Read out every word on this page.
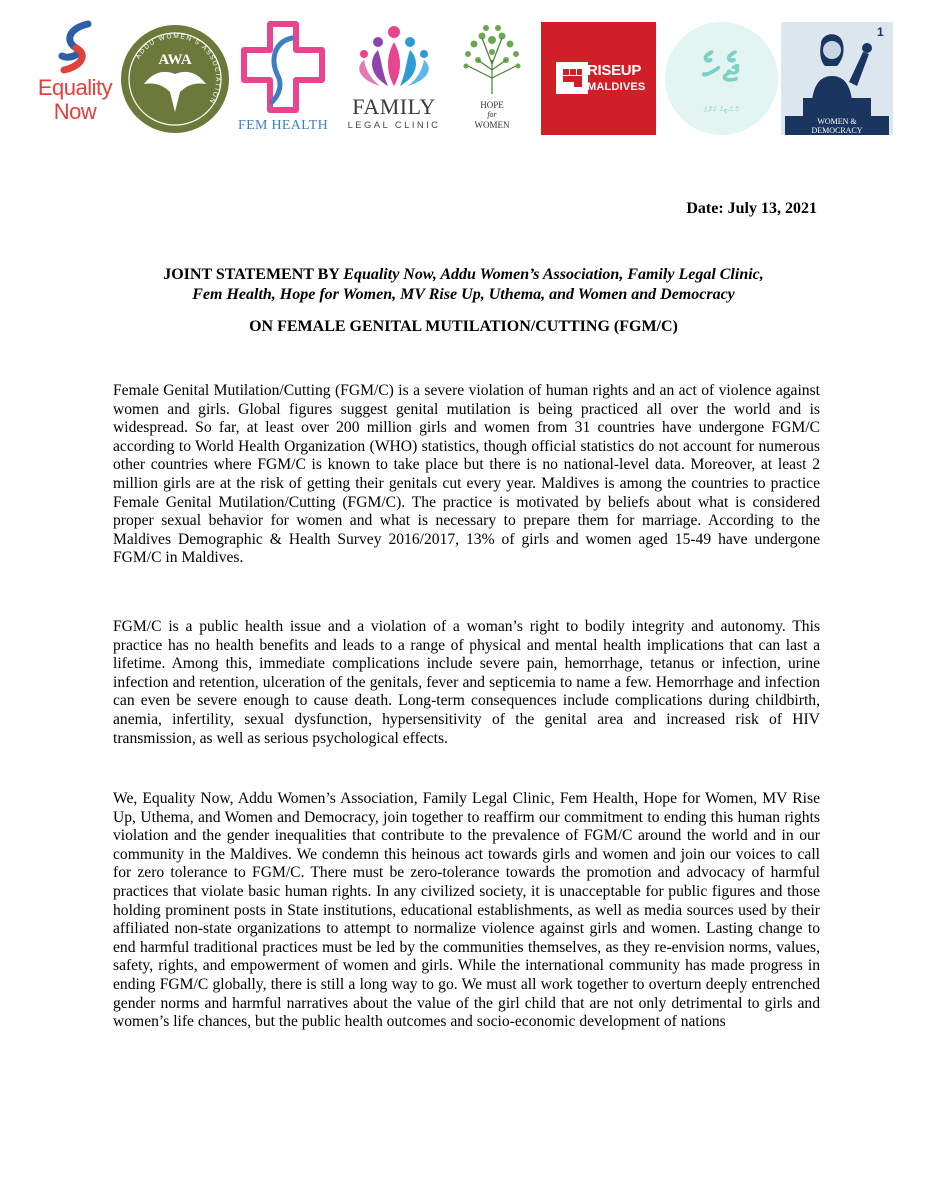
Equality Now
ADDU WOMEN'S ASSOCIATION
AWA
FEM HEALTH
FAMILY
LEGAL CLINIC
HOPE
for
WOMEN
RISEUP
MALDIVES	ޖެހެ
ހޮސްޓިކް ގުރޫޕު
1
WOMEN &
DEMOCRACY
Date: July 13, 2021
JOINT STATEMENT BY Equality Now, Addu Women’s Association, Family Legal Clinic,
Fem Health, Hope for Women, MV Rise Up, Uthema, and Women and Democracy
ON FEMALE GENITAL MUTILATION/CUTTING (FGM/C)

Female Genital Mutilation/Cutting (FGM/C) is a severe violation of human rights and an act of violence against women and girls. Global figures suggest genital mutilation is being practiced all over the world and is widespread. So far, at least over 200 million girls and women from 31 countries have undergone FGM/C according to World Health Organization (WHO) statistics, though official statistics do not account for numerous other countries where FGM/C is known to take place but there is no national-level data. Moreover, at least 2 million girls are at the risk of getting their genitals cut every year. Maldives is among the countries to practice Female Genital Mutilation/Cutting (FGM/C). The practice is motivated by beliefs about what is considered proper sexual behavior for women and what is necessary to prepare them for marriage. According to the Maldives Demographic & Health Survey 2016/2017, 13% of girls and women aged 15-49 have undergone FGM/C in Maldives.

FGM/C is a public health issue and a violation of a woman’s right to bodily integrity and autonomy. This practice has no health benefits and leads to a range of physical and mental health implications that can last a lifetime. Among this, immediate complications include severe pain, hemorrhage, tetanus or infection, urine infection and retention, ulceration of the genitals, fever and septicemia to name a few. Hemorrhage and infection can even be severe enough to cause death. Long-term consequences include complications during childbirth, anemia, infertility, sexual dysfunction, hypersensitivity of the genital area and increased risk of HIV transmission, as well as serious psychological effects.

We, Equality Now, Addu Women’s Association, Family Legal Clinic, Fem Health, Hope for Women, MV Rise Up, Uthema, and Women and Democracy, join together to reaffirm our commitment to ending this human rights violation and the gender inequalities that contribute to the prevalence of FGM/C around the world and in our community in the Maldives. We condemn this heinous act towards girls and women and join our voices to call for zero tolerance to FGM/C. There must be zero-tolerance towards the promotion and advocacy of harmful practices that violate basic human rights. In any civilized society, it is unacceptable for public figures and those holding prominent posts in State institutions, educational establishments, as well as media sources used by their affiliated non-state organizations to attempt to normalize violence against girls and women. Lasting change to end harmful traditional practices must be led by the communities themselves, as they re-envision norms, values, safety, rights, and empowerment of women and girls. While the international community has made progress in ending FGM/C globally, there is still a long way to go. We must all work together to overturn deeply entrenched gender norms and harmful narratives about the value of the girl child that are not only detrimental to girls and women’s life chances, but the public health outcomes and socio-economic development of nations
